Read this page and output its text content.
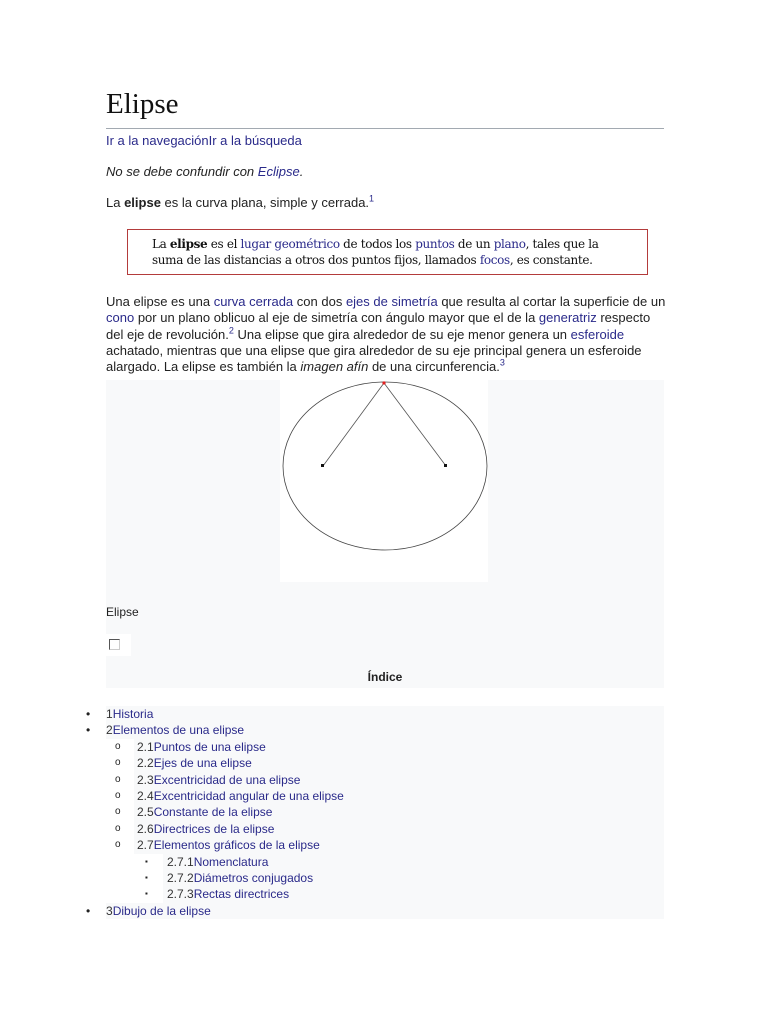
Elipse
Ir a la navegaciónIr a la búsqueda
No se debe confundir con Eclipse.
La elipse es la curva plana, simple y cerrada.$^1$
La elipse es el lugar geométrico de todos los puntos de un plano, tales que la suma de las distancias a otros dos puntos fijos, llamados focos, es constante.
Una elipse es una curva cerrada con dos ejes de simetría que resulta al cortar la superficie de un cono por un plano oblicuo al eje de simetría con ángulo mayor que el de la generatriz respecto del eje de revolución.$^2$ Una elipse que gira alrededor de su eje menor genera un esferoide achatado, mientras que una elipse que gira alrededor de su eje principal genera un esferoide alargado. La elipse es también la imagen afín de una circunferencia.$^3$
Elipse
Índice
• 1Historia
• 2Elementos de una elipse
o 2.1Puntos de una elipse
o 2.2Ejes de una elipse
o 2.3Excentricidad de una elipse
o 2.4Excentricidad angular de una elipse
o 2.5Constante de la elipse
o 2.6Directrices de la elipse
o 2.7Elementos gráficos de la elipse
▪ 2.7.1Nomenclatura
▪ 2.7.2Diámetros conjugados
▪ 2.7.3Rectas directrices
• 3Dibujo de la elipse
